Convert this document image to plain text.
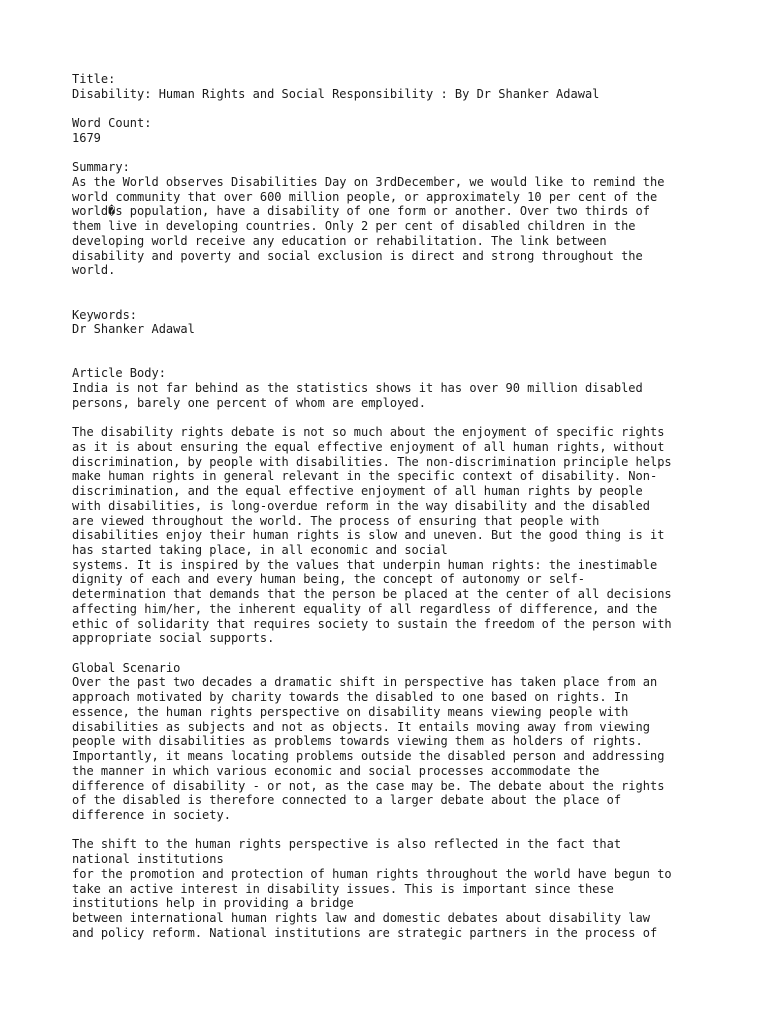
Title:
Disability: Human Rights and Social Responsibility : By Dr Shanker Adawal
Word Count:
1679
Summary:
As the World observes Disabilities Day on 3rdDecember, we would like to remind the
world community that over 600 million people, or approximately 10 per cent of the
world�s population, have a disability of one form or another. Over two thirds of
them live in developing countries. Only 2 per cent of disabled children in the
developing world receive any education or rehabilitation. The link between
disability and poverty and social exclusion is direct and strong throughout the
world.
Keywords:
Dr Shanker Adawal
Article Body:
India is not far behind as the statistics shows it has over 90 million disabled
persons, barely one percent of whom are employed.
The disability rights debate is not so much about the enjoyment of specific rights
as it is about ensuring the equal effective enjoyment of all human rights, without
discrimination, by people with disabilities. The non-discrimination principle helps
make human rights in general relevant in the specific context of disability. Non-
discrimination, and the equal effective enjoyment of all human rights by people
with disabilities, is long-overdue reform in the way disability and the disabled
are viewed throughout the world. The process of ensuring that people with
disabilities enjoy their human rights is slow and uneven. But the good thing is it
has started taking place, in all economic and social
systems. It is inspired by the values that underpin human rights: the inestimable
dignity of each and every human being, the concept of autonomy or self-
determination that demands that the person be placed at the center of all decisions
affecting him/her, the inherent equality of all regardless of difference, and the
ethic of solidarity that requires society to sustain the freedom of the person with
appropriate social supports.
Global Scenario
Over the past two decades a dramatic shift in perspective has taken place from an
approach motivated by charity towards the disabled to one based on rights. In
essence, the human rights perspective on disability means viewing people with
disabilities as subjects and not as objects. It entails moving away from viewing
people with disabilities as problems towards viewing them as holders of rights.
Importantly, it means locating problems outside the disabled person and addressing
the manner in which various economic and social processes accommodate the
difference of disability - or not, as the case may be. The debate about the rights
of the disabled is therefore connected to a larger debate about the place of
difference in society.
The shift to the human rights perspective is also reflected in the fact that
national institutions
for the promotion and protection of human rights throughout the world have begun to
take an active interest in disability issues. This is important since these
institutions help in providing a bridge
between international human rights law and domestic debates about disability law
and policy reform. National institutions are strategic partners in the process of
